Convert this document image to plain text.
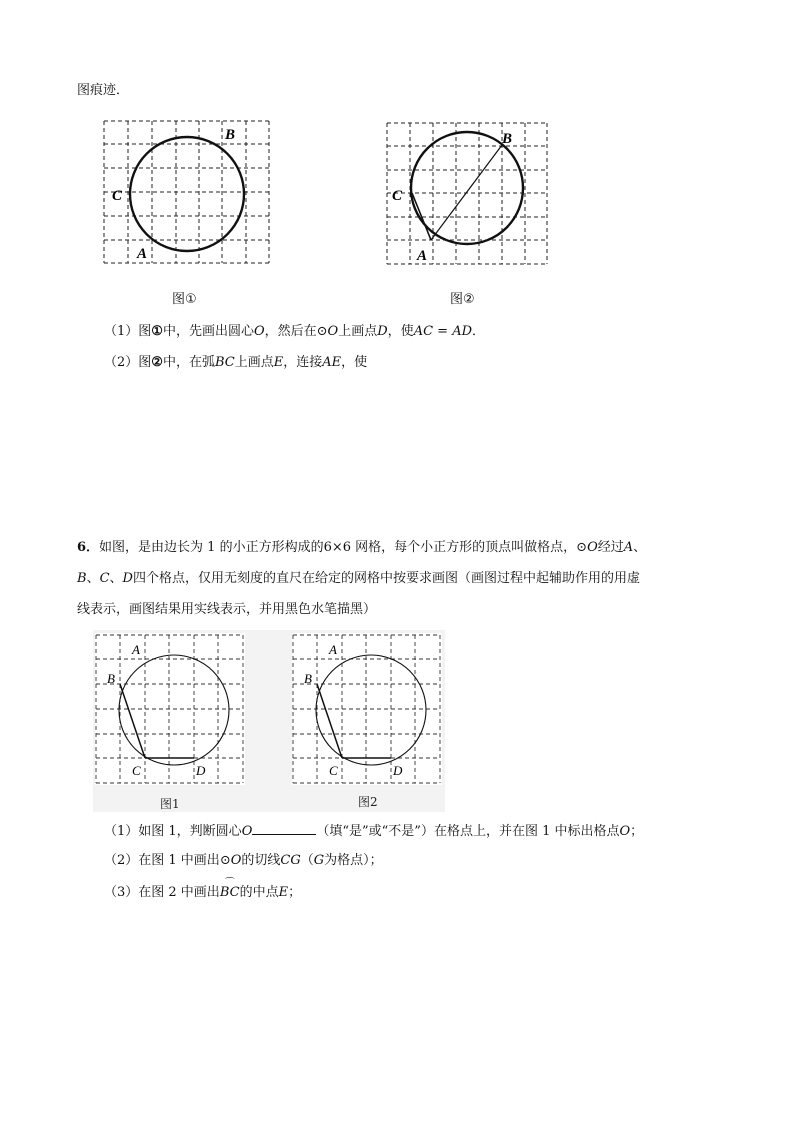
图痕迹．
B
C
A
图①
B
C
A
图②
（1）图①中，先画出圆心O，然后在⊙O上画点D，使AC = AD．
（2）图②中，在弧BC上画点E，连接AE，使
6．如图，是由边长为 1 的小正方形构成的6×6 网格，每个小正方形的顶点叫做格点，⊙O经过A、
B、C、D四个格点，仅用无刻度的直尺在给定的网格中按要求画图（画图过程中起辅助作用的用虚
线表示，画图结果用实线表示，并用黑色水笔描黑）
A
B
C	D
图1
A
B
C	D
图2
（1）如图 1，判断圆心O	（填“是”或“不是”）在格点上，并在图 1 中标出格点O；
（2）在图 1 中画出⊙O的切线CG（G为格点）；
（3）在图 2 中画出⌒ BC的中点E；
